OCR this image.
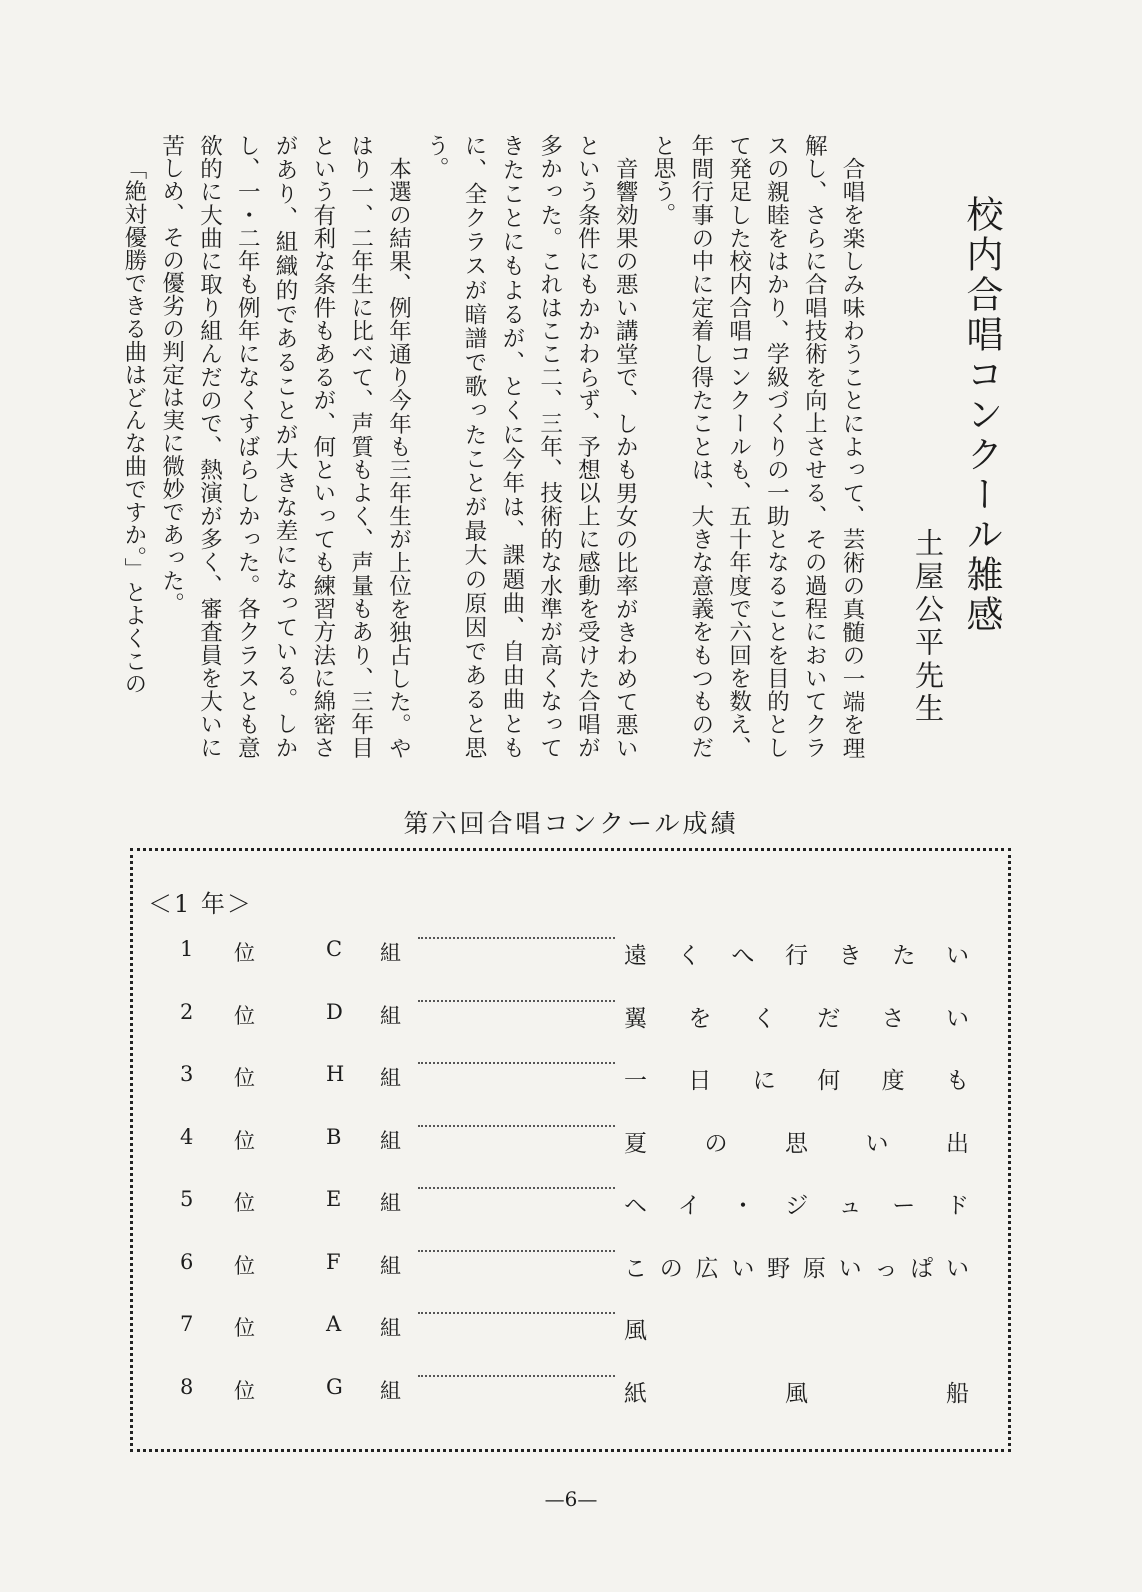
校内合唱コンクール雑感
土屋公平先生

合唱を楽しみ味わうことによって、芸術の真髄の一端を理解し、さらに合唱技術を向上させる、その過程においてクラスの親睦をはかり、学級づくりの一助となることを目的として発足した校内合唱コンクールも、五十年度で六回を数え、年間行事の中に定着し得たことは、大きな意義をもつものだと思う。

音響効果の悪い講堂で、しかも男女の比率がきわめて悪いという条件にもかかわらず、予想以上に感動を受けた合唱が多かった。これはここ二、三年、技術的な水準が高くなってきたことにもよるが、とくに今年は、課題曲、自由曲ともに、全クラスが暗譜で歌ったことが最大の原因であると思う。

本選の結果、例年通り今年も三年生が上位を独占した。やはり一、二年生に比べて、声質もよく、声量もあり、三年目という有利な条件もあるが、何といっても練習方法に綿密さがあり、組織的であることが大きな差になっている。しかし、一・二年も例年になくすばらしかった。各クラスとも意欲的に大曲に取り組んだので、熱演が多く、審査員を大いに苦しめ、その優劣の判定は実に微妙であった。

「絶対優勝できる曲はどんな曲ですか。」とよくこの

第六回合唱コンクール成績
＜1 年＞
1 位	C 組	遠くへ行きたい
2 位	D 組	翼をください
3 位	H 組	一日に何度も
4 位	B 組	夏の思い出
5 位	E 組	ヘイ・ジュード
6 位	F 組	この広い野原いっぱい
7 位	A 組	風
8 位	G 組	紙風船
—6—
